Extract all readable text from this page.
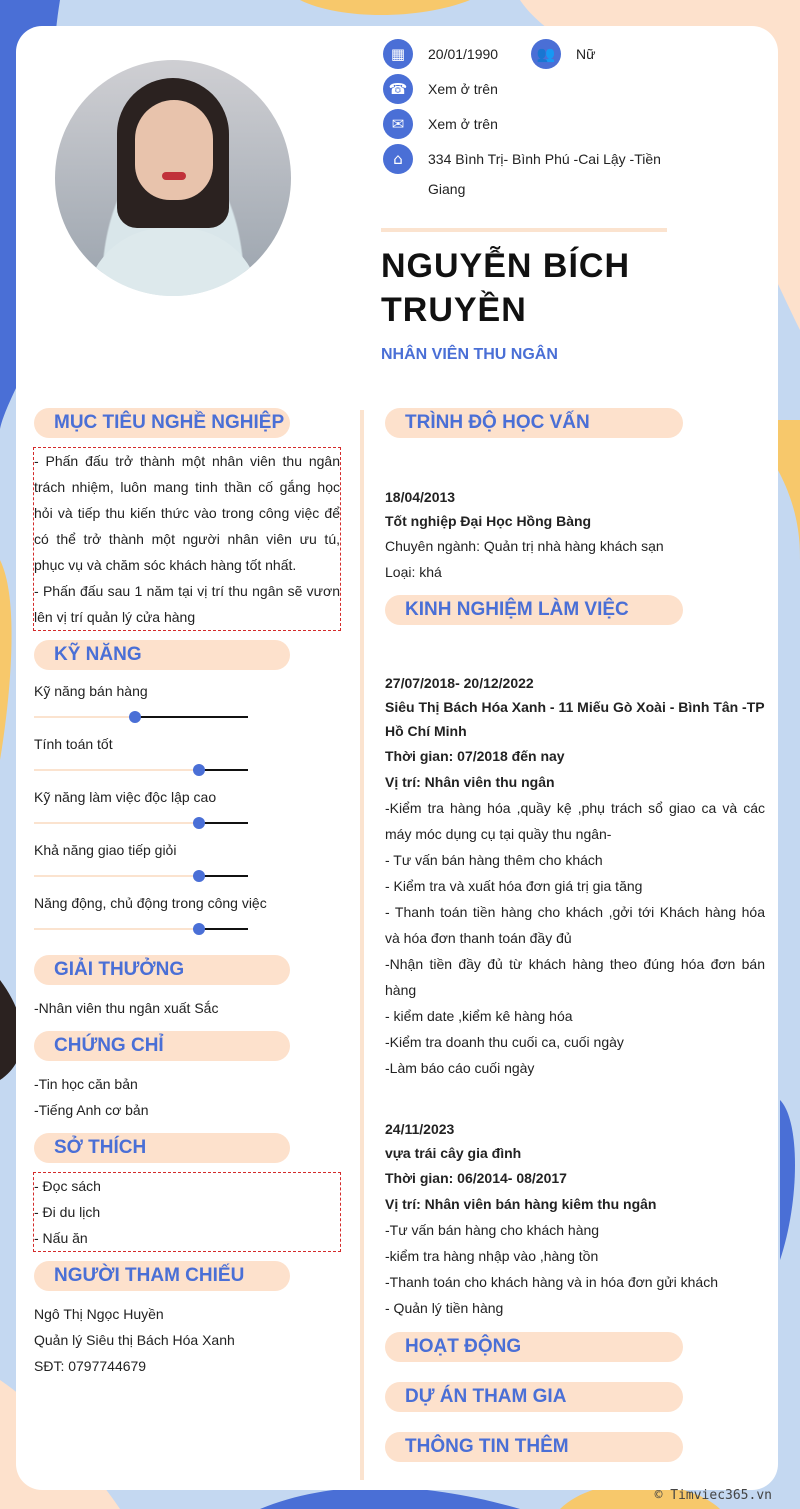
▦	20/01/1990	👥	Nữ
☎	Xem ở trên
✉	Xem ở trên
⌂	334 Bình Trị- Bình Phú -Cai Lậy -Tiền Giang
NGUYỄN BÍCH
TRUYỀN
NHÂN VIÊN THU NGÂN
MỤC TIÊU NGHỀ NGHIỆP
- Phấn đấu trở thành một nhân viên thu ngân trách nhiệm, luôn mang tinh thần cố gắng học hỏi và tiếp thu kiến thức vào trong công việc để có thể trở thành một người nhân viên ưu tú, phục vụ và chăm sóc khách hàng tốt nhất.
- Phấn đấu sau 1 năm tại vị trí thu ngân sẽ vươn lên vị trí quản lý cửa hàng
KỸ NĂNG
GIẢI THƯỞNG
-Nhân viên thu ngân xuất Sắc
CHỨNG CHỈ
-Tin học căn bản
-Tiếng Anh cơ bản
SỞ THÍCH
- Đọc sách
- Đi du lịch
- Nấu ăn
NGƯỜI THAM CHIẾU
Ngô Thị Ngọc Huyền
Quản lý Siêu thị Bách Hóa Xanh
SĐT: 0797744679
TRÌNH ĐỘ HỌC VẤN
18/04/2013
Tốt nghiệp Đại Học Hồng Bàng
Chuyên ngành: Quản trị nhà hàng khách sạn
Loại: khá
KINH NGHIỆM LÀM VIỆC
27/07/2018- 20/12/2022
Siêu Thị Bách Hóa Xanh - 11 Miếu Gò Xoài - Bình Tân -TP Hồ Chí Minh
Thời gian: 07/2018 đến nay
Vị trí: Nhân viên thu ngân
-Kiểm tra hàng hóa ,quầy kệ ,phụ trách sổ giao ca và các máy móc dụng cụ tại quầy thu ngân-
- Tư vấn bán hàng thêm cho khách
- Kiểm tra và xuất hóa đơn giá trị gia tăng
- Thanh toán tiền hàng cho khách ,gởi tới Khách hàng hóa và hóa đơn thanh toán đầy đủ
-Nhận tiền đầy đủ từ khách hàng theo đúng hóa đơn bán hàng
- kiểm date ,kiểm kê hàng hóa
-Kiểm tra doanh thu cuối ca, cuối ngày
-Làm báo cáo cuối ngày
24/11/2023
vựa trái cây gia đình
Thời gian: 06/2014- 08/2017
Vị trí: Nhân viên bán hàng kiêm thu ngân
-Tư vấn bán hàng cho khách hàng
-kiểm tra hàng nhập vào ,hàng tồn
-Thanh toán cho khách hàng và in hóa đơn gửi khách
- Quản lý tiền hàng
HOẠT ĐỘNG
DỰ ÁN THAM GIA
THÔNG TIN THÊM
Kỹ năng bán hàng
Tính toán tốt
Kỹ năng làm việc độc lập cao
Khả năng giao tiếp giỏi
Năng động, chủ động trong công việc
© Timviec365.vn
